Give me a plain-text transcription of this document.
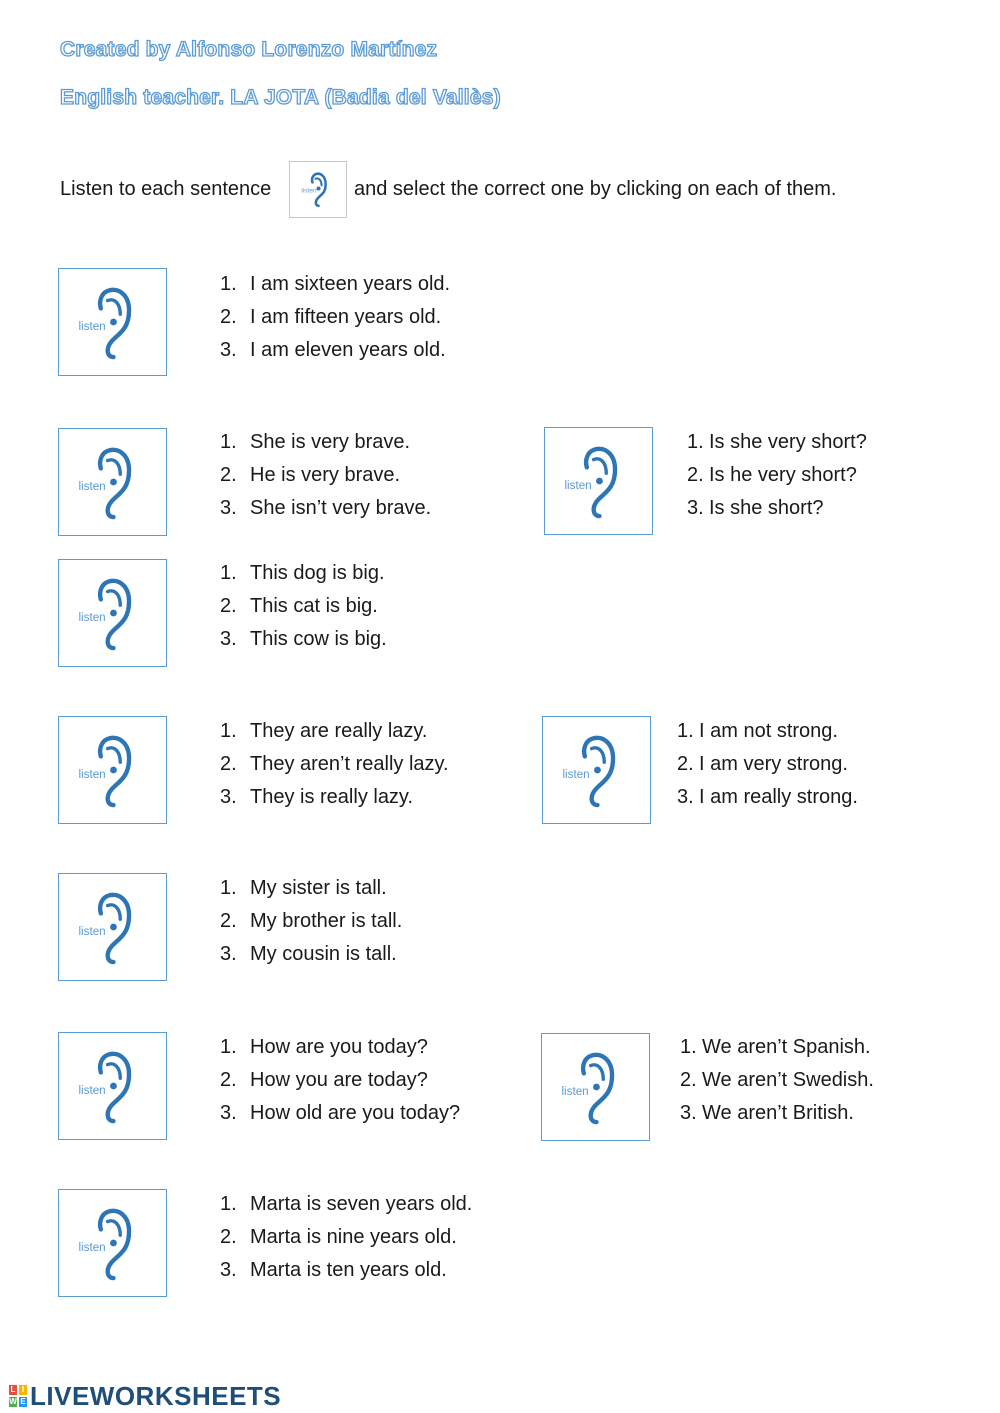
Created by Alfonso Lorenzo Martínez
English teacher. LA JOTA (Badia del Vallès)
Listen to each sentence listen and select the correct one by clicking on each of them.
listen
1. I am sixteen years old.
2. I am fifteen years old.
3. I am eleven years old.
listen
1. She is very brave.
2. He is very brave.
3. She isn’t very brave.
listen
1. Is she very short?
2. Is he very short?
3. Is she short?
listen
1. This dog is big.
2. This cat is big.
3. This cow is big.
listen
1. They are really lazy.
2. They aren’t really lazy.
3. They is really lazy.
listen
1. I am not strong.
2. I am very strong.
3. I am really strong.
listen
1. My sister is tall.
2. My brother is tall.
3. My cousin is tall.
listen
1. How are you today?
2. How you are today?
3. How old are you today?
listen
1. We aren’t Spanish.
2. We aren’t Swedish.
3. We aren’t British.
listen
1. Marta is seven years old.
2. Marta is nine years old.
3. Marta is ten years old.
L I
W E LIVEWORKSHEETS
